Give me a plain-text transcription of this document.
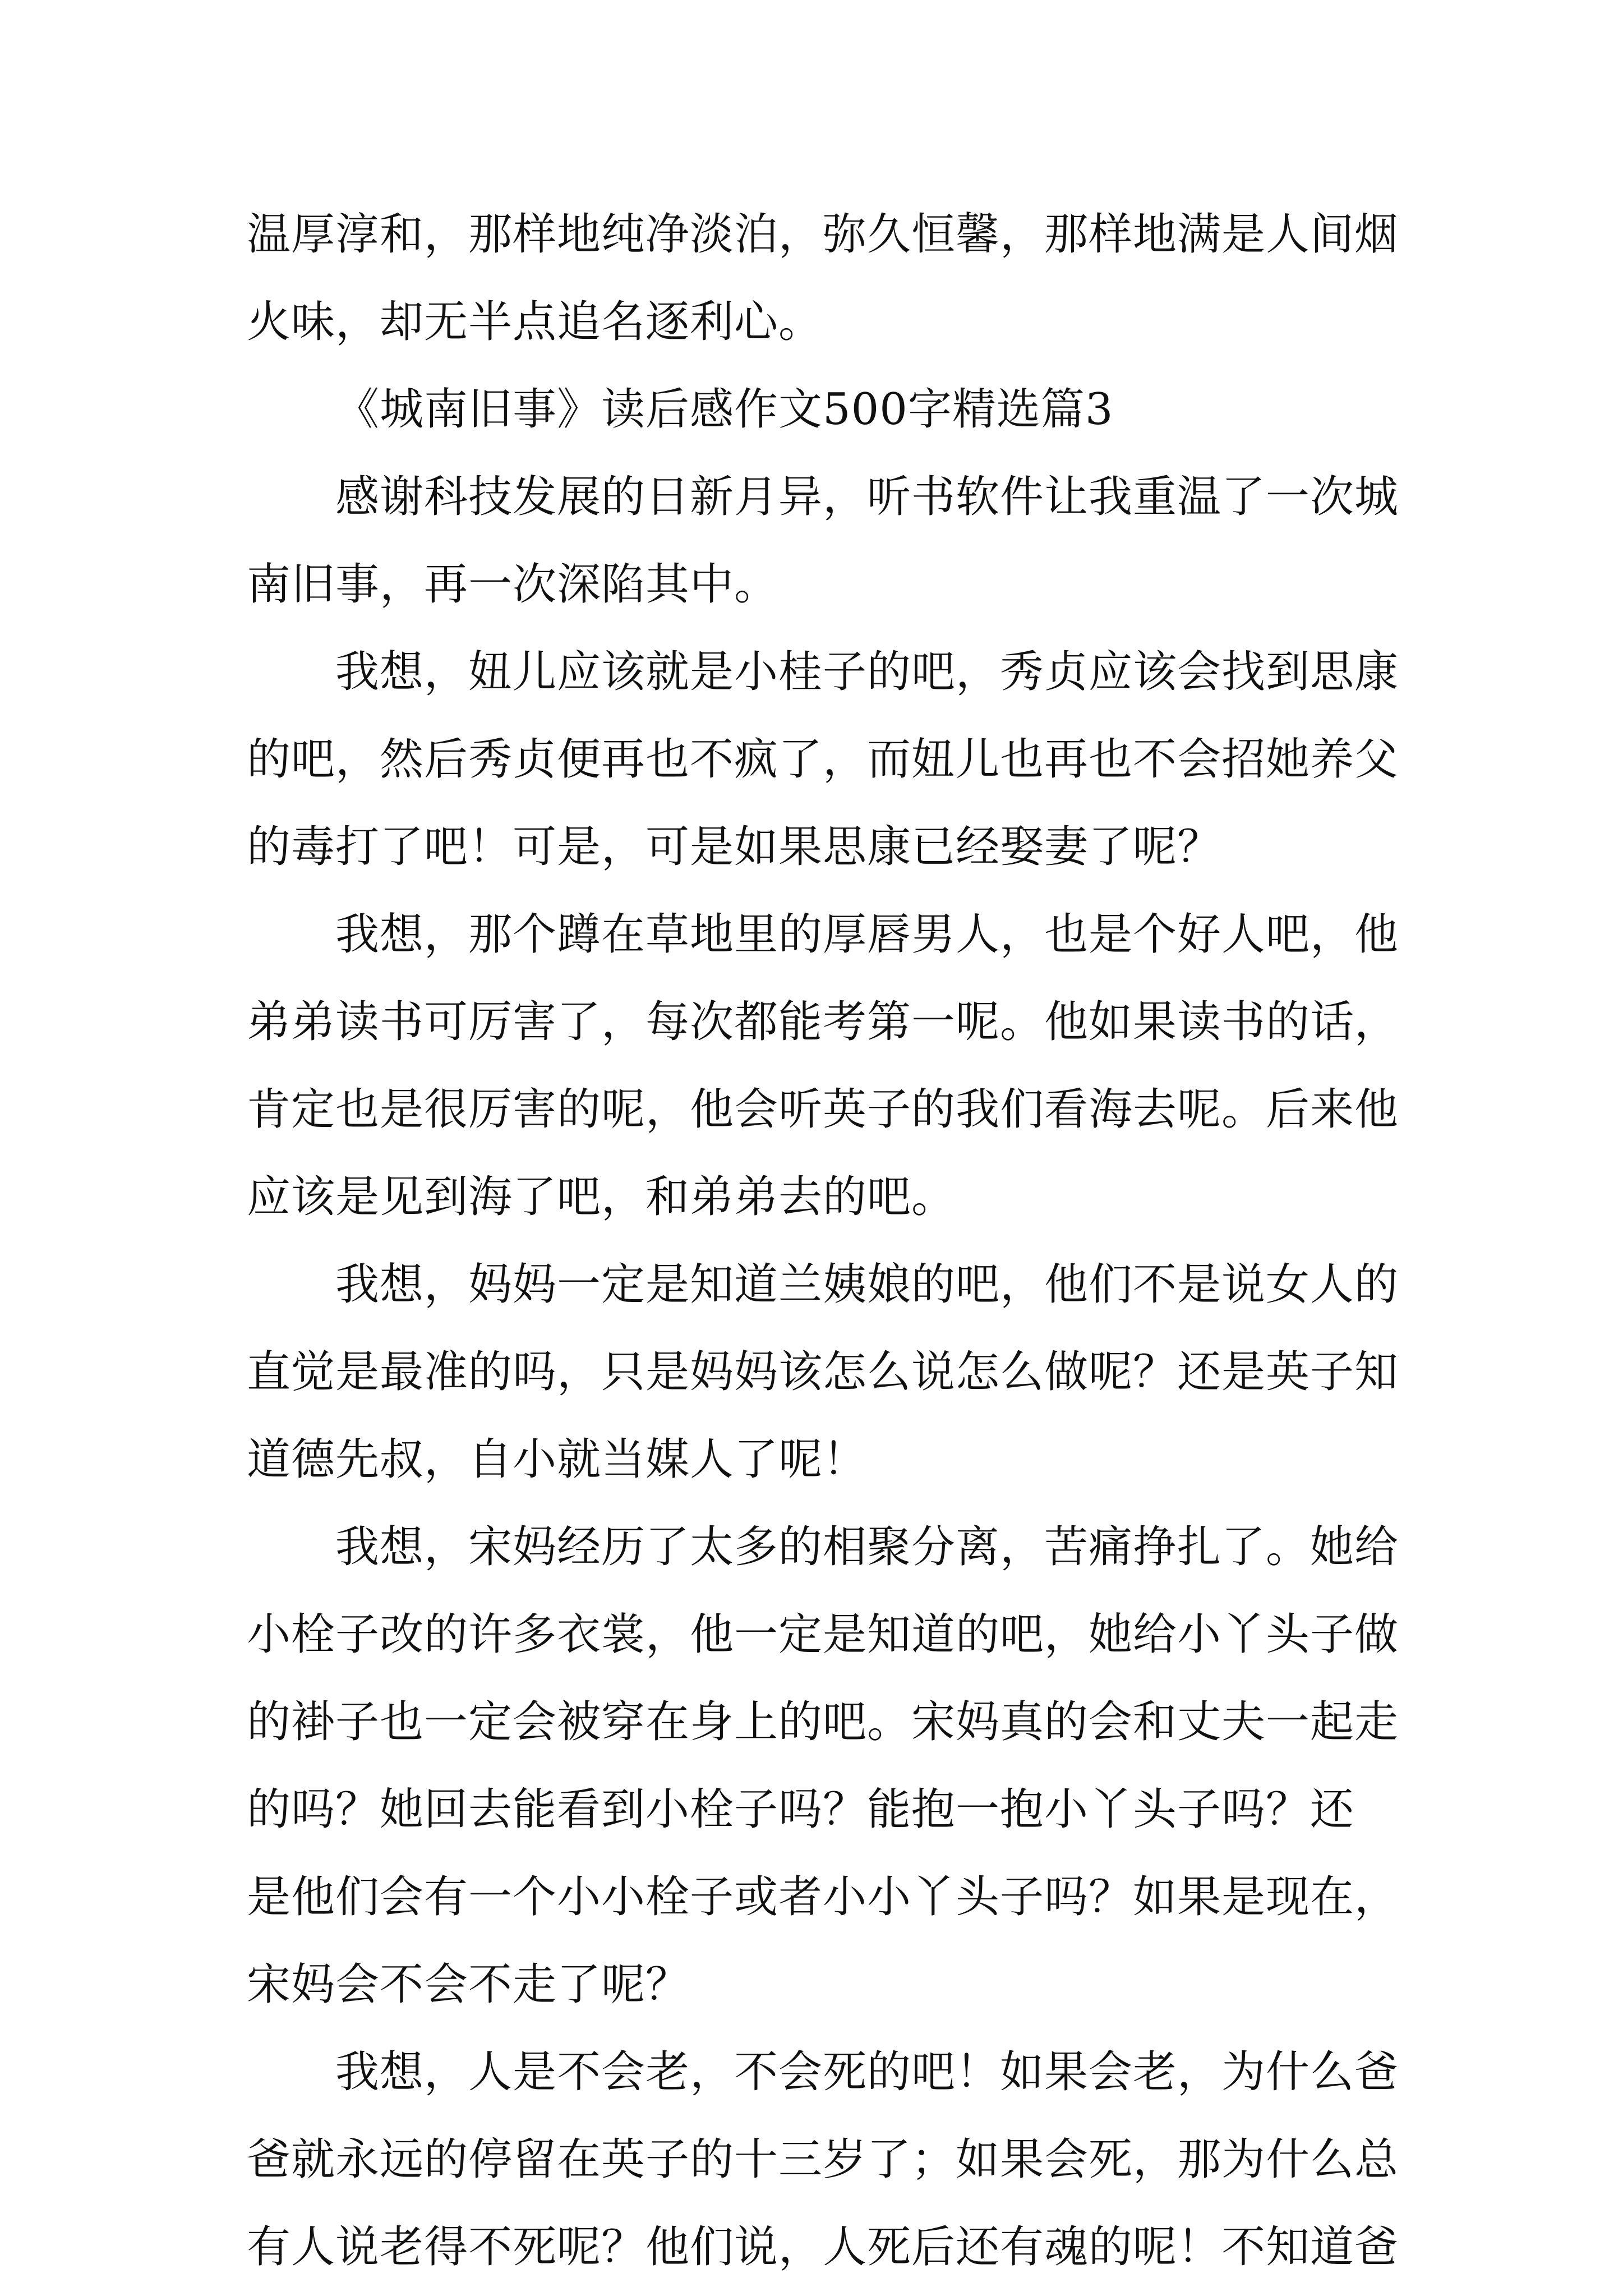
温厚淳和，那样地纯净淡泊，弥久恒馨，那样地满是人间烟
火味，却无半点追名逐利心。
《城南旧事》读后感作文500字精选篇3
感谢科技发展的日新月异，听书软件让我重温了一次城
南旧事，再一次深陷其中。
我想，妞儿应该就是小桂子的吧，秀贞应该会找到思康
的吧，然后秀贞便再也不疯了，而妞儿也再也不会招她养父
的毒打了吧！可是，可是如果思康已经娶妻了呢？
我想，那个蹲在草地里的厚唇男人，也是个好人吧，他
弟弟读书可厉害了，每次都能考第一呢。他如果读书的话，
肯定也是很厉害的呢，他会听英子的我们看海去呢。后来他
应该是见到海了吧，和弟弟去的吧。
我想，妈妈一定是知道兰姨娘的吧，他们不是说女人的
直觉是最准的吗，只是妈妈该怎么说怎么做呢？还是英子知
道德先叔，自小就当媒人了呢！
我想，宋妈经历了太多的相聚分离，苦痛挣扎了。她给
小栓子改的许多衣裳，他一定是知道的吧，她给小丫头子做
的褂子也一定会被穿在身上的吧。宋妈真的会和丈夫一起走
的吗？她回去能看到小栓子吗？能抱一抱小丫头子吗？还
是他们会有一个小小栓子或者小小丫头子吗？如果是现在，
宋妈会不会不走了呢？
我想，人是不会老，不会死的吧！如果会老，为什么爸
爸就永远的停留在英子的十三岁了；如果会死，那为什么总
有人说老得不死呢？他们说，人死后还有魂的呢！不知道爸
